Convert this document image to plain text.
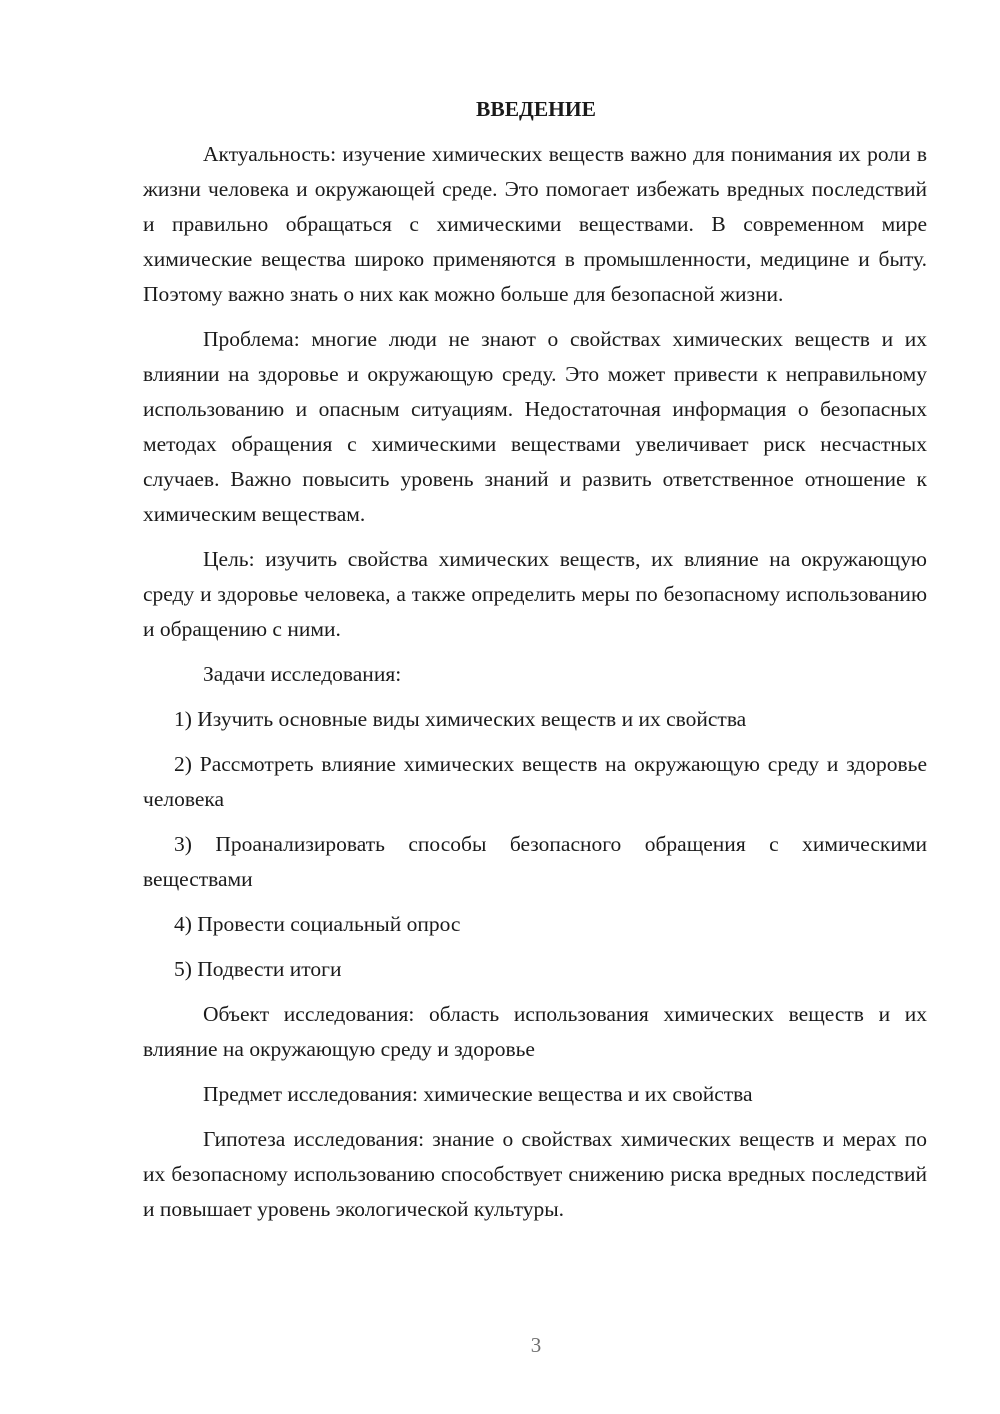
ВВЕДЕНИЕ

Актуальность: изучение химических веществ важно для понимания их роли в жизни человека и окружающей среде. Это помогает избежать вредных последствий и правильно обращаться с химическими веществами. В современном мире химические вещества широко применяются в промышленности, медицине и быту. Поэтому важно знать о них как можно больше для безопасной жизни.

Проблема: многие люди не знают о свойствах химических веществ и их влиянии на здоровье и окружающую среду. Это может привести к неправильному использованию и опасным ситуациям. Недостаточная информация о безопасных методах обращения с химическими веществами увеличивает риск несчастных случаев. Важно повысить уровень знаний и развить ответственное отношение к химическим веществам.

Цель: изучить свойства химических веществ, их влияние на окружающую среду и здоровье человека, а также определить меры по безопасному использованию и обращению с ними.

Задачи исследования:

1) Изучить основные виды химических веществ и их свойства

2) Рассмотреть влияние химических веществ на окружающую среду и здоровье человека

3) Проанализировать способы безопасного обращения с химическими веществами

4) Провести социальный опрос

5) Подвести итоги

Объект исследования: область использования химических веществ и их влияние на окружающую среду и здоровье

Предмет исследования: химические вещества и их свойства

Гипотеза исследования: знание о свойствах химических веществ и мерах по их безопасному использованию способствует снижению риска вредных последствий и повышает уровень экологической культуры.

3
